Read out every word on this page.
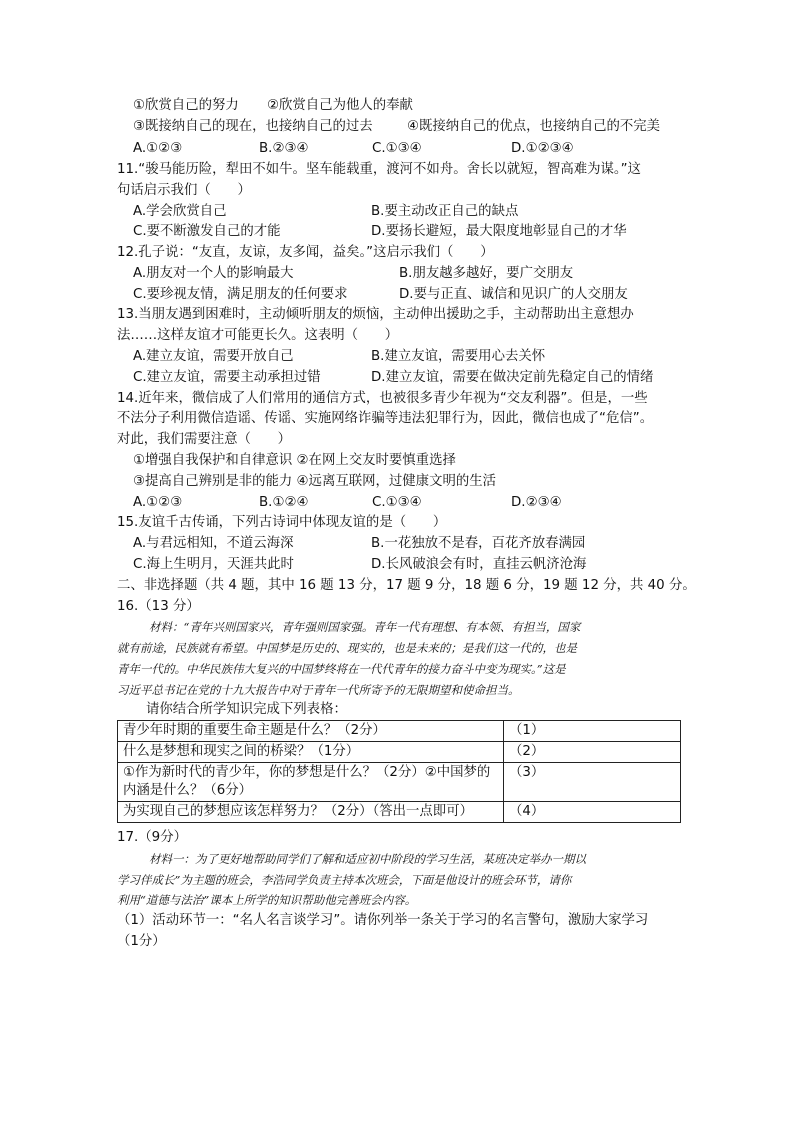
①欣赏自己的努力 ②欣赏自己为他人的奉献
③既接纳自己的现在，也接纳自己的过去	④既接纳自己的优点，也接纳自己的不完美
A.①②③	B.②③④	C.①③④	D.①②③④
11.“骏马能历险，犁田不如牛。坚车能载重，渡河不如舟。舍长以就短，智高难为谋。”这
句话启示我们（　　）
A.学会欣赏自己	B.要主动改正自己的缺点
C.要不断激发自己的才能	D.要扬长避短，最大限度地彰显自己的才华
12.孔子说：“友直，友谅，友多闻，益矣。”这启示我们（　　）
A.朋友对一个人的影响最大	B.朋友越多越好，要广交朋友
C.要珍视友情，满足朋友的任何要求	D.要与正直、诚信和见识广的人交朋友
13.当朋友遇到困难时，主动倾听朋友的烦恼，主动伸出援助之手，主动帮助出主意想办
法……这样友谊才可能更长久。这表明（　　）
A.建立友谊，需要开放自己	B.建立友谊，需要用心去关怀
C.建立友谊，需要主动承担过错	D.建立友谊，需要在做决定前先稳定自己的情绪
14.近年来，微信成了人们常用的通信方式，也被很多青少年视为“交友利器”。但是，一些
不法分子利用微信造谣、传谣、实施网络诈骗等违法犯罪行为，因此，微信也成了“危信”。
对此，我们需要注意（　　）
①增强自我保护和自律意识 ②在网上交友时要慎重选择
③提高自己辨别是非的能力 ④远离互联网，过健康文明的生活
A.①②③	B.①②④	C.①③④	D.②③④
15.友谊千古传诵，下列古诗词中体现友谊的是（　　）
A.与君远相知，不道云海深	B.一花独放不是春，百花齐放春满园
C.海上生明月，天涯共此时	D.长风破浪会有时，直挂云帆济沧海
二、非选择题（共 4 题，其中 16 题 13 分，17 题 9 分，18 题 6 分，19 题 12 分，共 40 分。
16.（13 分）
材料：“青年兴则国家兴，青年强则国家强。青年一代有理想、有本领、有担当，国家
就有前途，民族就有希望。中国梦是历史的、现实的，也是未来的；是我们这一代的，也是
青年一代的。中华民族伟大复兴的中国梦终将在一代代青年的接力奋斗中变为现实。”这是
习近平总书记在党的十九大报告中对于青年一代所寄予的无限期望和使命担当。
请你结合所学知识完成下列表格：
青少年时期的重要生命主题是什么？（2分）	（1）
什么是梦想和现实之间的桥梁？（1分）	（2）

①作为新时代的青少年，你的梦想是什么？（2分）②中国梦的
内涵是什么？（6分）	（3）
为实现自己的梦想应该怎样努力？（2分）（答出一点即可）	（4）
17.（9分）
材料一：为了更好地帮助同学们了解和适应初中阶段的学习生活，某班决定举办一期以
学习伴成长”为主题的班会，李浩同学负责主持本次班会，下面是他设计的班会环节，请你
利用“道德与法治”课本上所学的知识帮助他完善班会内容。
（1）活动环节一：“名人名言谈学习”。请你列举一条关于学习的名言警句，激励大家学习
（1分）
